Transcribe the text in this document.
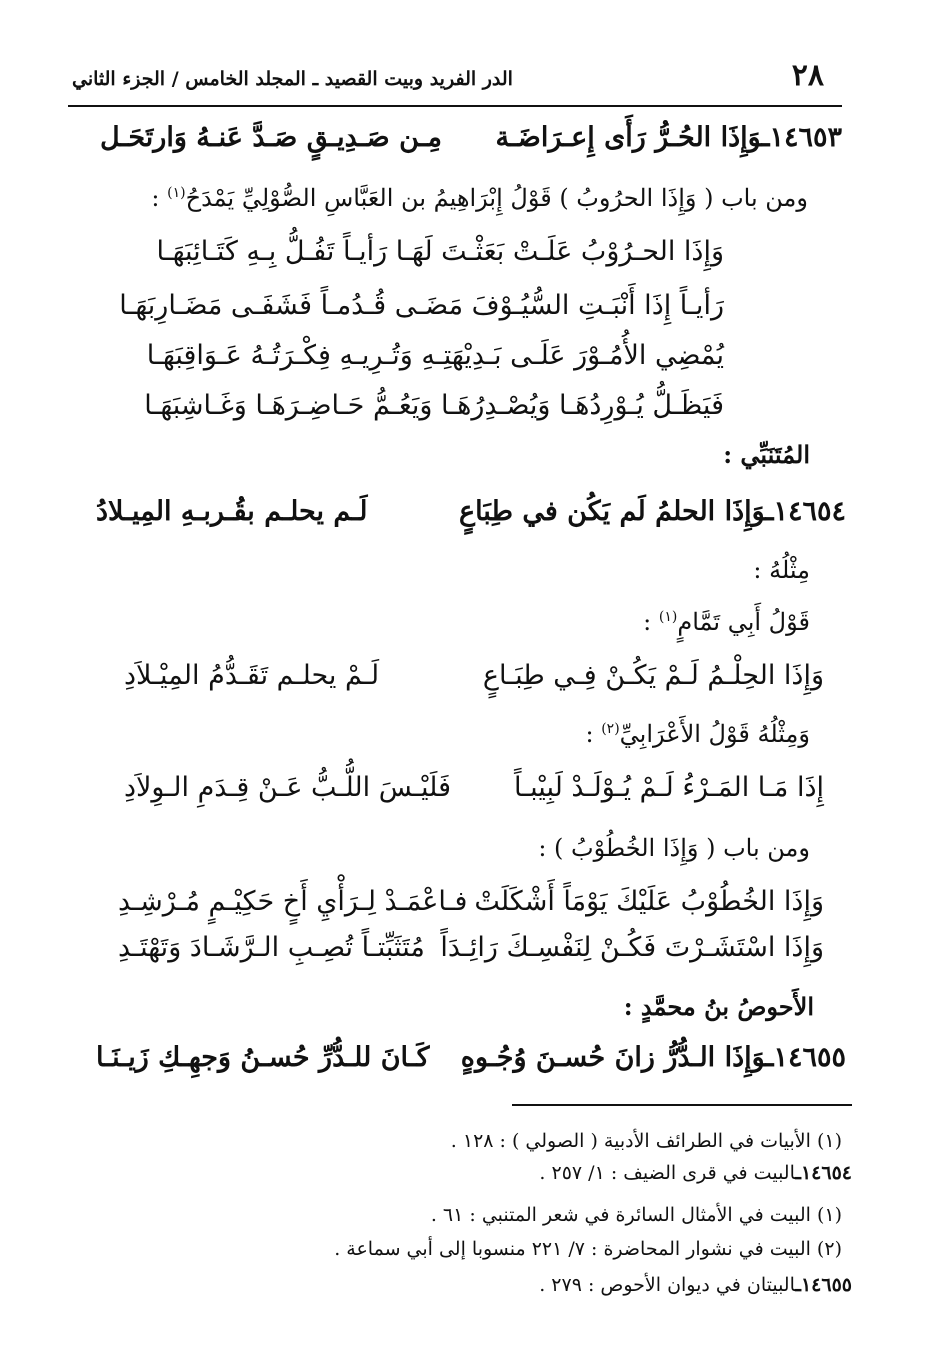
٢٨
الدر الفريد وبيت القصيد ـ المجلد الخامس / الجزء الثاني
١٤٦٥٣ـوَإِذَا الحُـرُّ رَأَى إِعـرَاضَـة
مِـن صَـدِيـقٍ صَـدَّ عَنـهُ وَارتَحَـل
ومن باب ( وَإِذَا الحرُوبُ ) قَوْلُ إِبْرَاهِيمُ بن العَبَّاسِ الصُّوْلِيِّ يَمْدَحُ$^{(١)}$ :
وَإِذَا الحـرُوْبُ عَلَـتْ بَعَثْـتَ لَهَـا رَأيـاً تَفُـلُّ بِـهِ كَتَـائِبَهَـا
رَأيـاً إِذَا أَنْبَـتِ السُّيُـوْفَ مَضَـى قُـدُمـاً فَشَفَـى مَضَـارِبَهَـا
يُمْضِي الأُمُـوْرَ عَلَـى بَـدِيْهَتِـهِ وَتُـرِيـهِ فِكْـرَتُـهُ عَـوَاقِبَهَـا
فَيَظَـلُّ يُـوْرِدُهَـا وَيُصْـدِرُهَـا وَيَعُـمُّ حَـاضِـرَهَـا وَغَـاشِبَهَـا
المُتَنَبِّي :
١٤٦٥٤ـوَإِذَا الحلمُ لَم يَكُن في طِبَاعٍ
لَـم يحلـم بقُـربـهِ المِيـلادُ
مِثْلُهُ :
قَوْلُ أَبِي تَمَّامٍ$^{(١)}$ :
وَإِذَا الحِلْـمُ لَـمْ يَكُـنْ فِـي طِبَـاعٍ
لَـمْ يحلـم تَقَـدُّمُ المِيْـلاَدِ
وَمِثْلُهُ قَوْلُ الأَعْرَابِيِّ$^{(٢)}$ :
إِذَا مَـا المَـرْءُ لَـمْ يُـوْلَـدْ لَبِيْبـاً
فَلَيْـسَ اللُّـبُّ عَـنْ قِـدَمِ الـوِلاَدِ
ومن باب ( وَإِذَا الخُطُوْبُ ) :
وَإِذَا الخُطُوْبُ عَلَيْكَ يَوْمَاً أَشْكَلَتْ
فـاعْمَـدْ لِـرَأْيِ أَخٍ حَكِيْـمٍ مُـرْشِـدِ
وَإِذَا اسْتَشَـرْتَ فَكُـنْ لِنَفْسِـكَ رَائِـدَاً
مُتَثَبِّتـاً تُصِـبِ الـرَّشَـادَ وَتَهْتَـدِ
الأَحوصُ بنُ محمَّدٍ :
١٤٦٥٥ـوَإِذَا الـدُّرُّ زانَ حُسـنَ وُجُـوهٍ
كَـانَ للـدُّرِّ حُسـنُ وَجهِـكِ زَيـنَـا
(١) الأبيات في الطرائف الأدبية ( الصولي ) : ١٢٨ .
١٤٦٥٤ـالبيت في قرى الضيف : ١/ ٢٥٧ .
(١) البيت في الأمثال السائرة في شعر المتنبي : ٦١ .
(٢) البيت في نشوار المحاضرة : ٧/ ٢٢١ منسوبا إلى أبي سماعة .
١٤٦٥٥ـالبيتان في ديوان الأحوص : ٢٧٩ .
